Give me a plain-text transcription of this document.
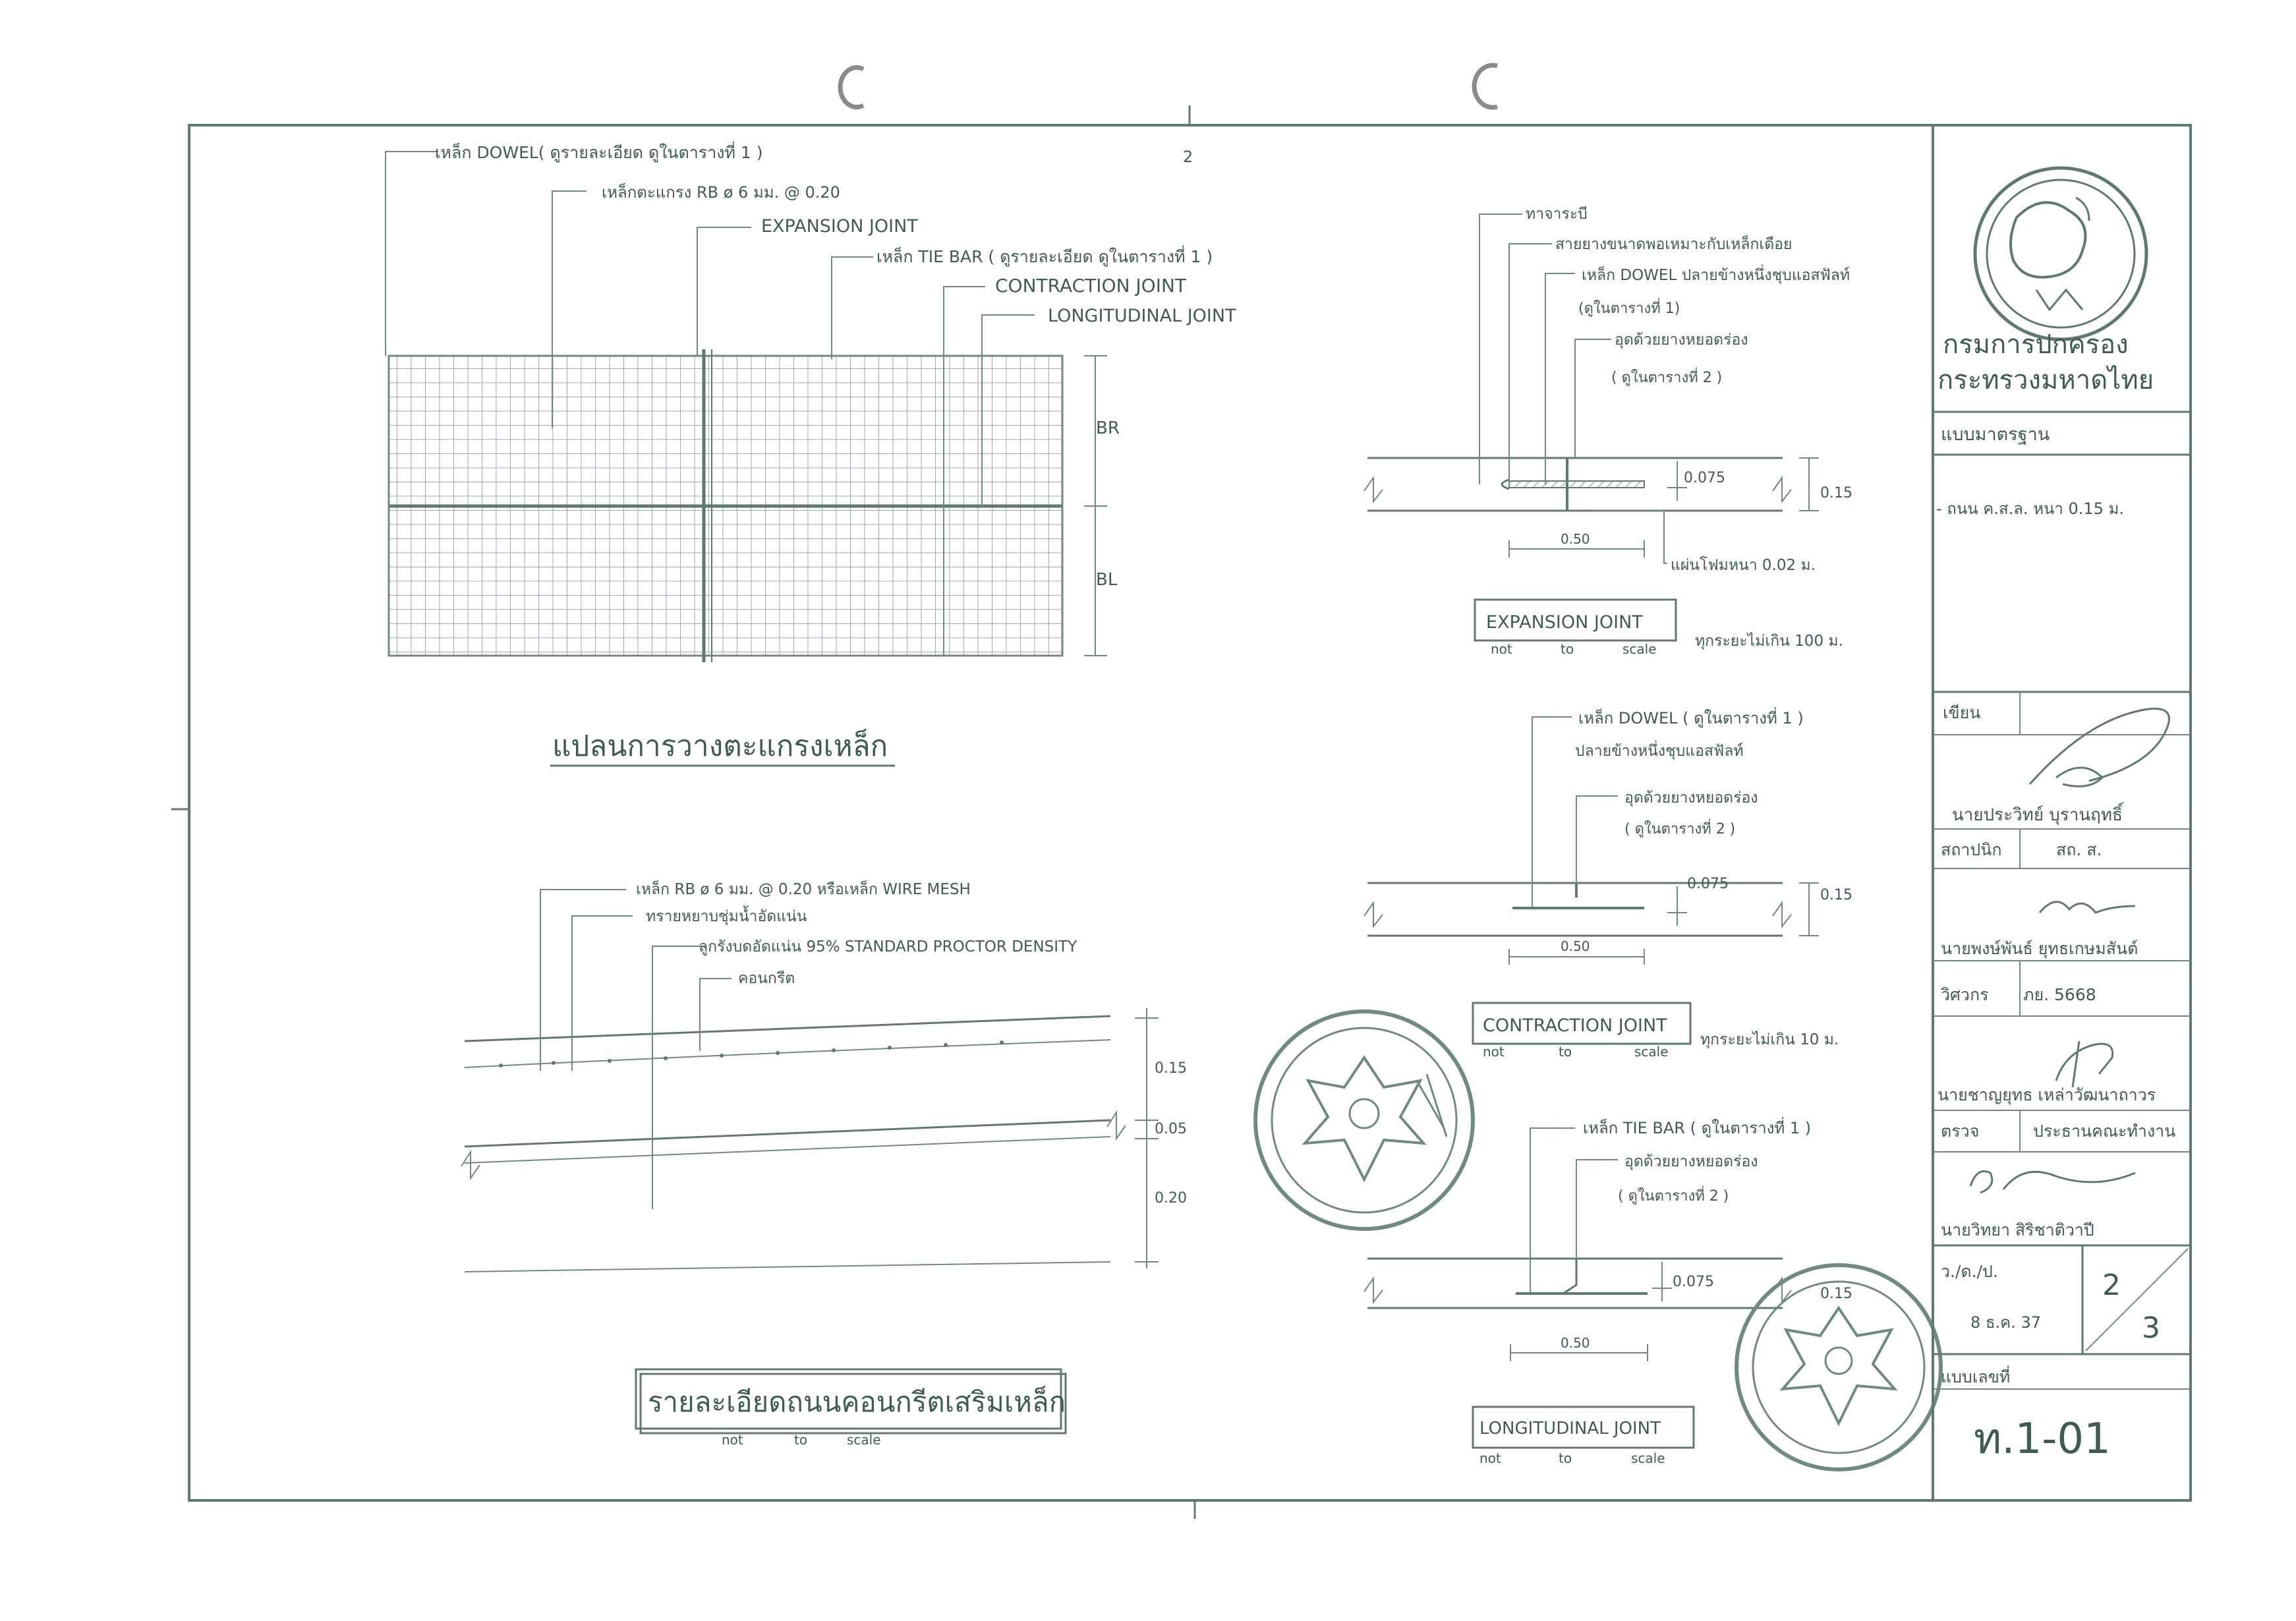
2
BR
BL
เหล็ก DOWEL( ดูรายละเอียด ดูในตารางที่ 1 )
เหล็กตะแกรง RB ø 6 มม. @ 0.20
EXPANSION JOINT
เหล็ก TIE BAR ( ดูรายละเอียด ดูในตารางที่ 1 )
CONTRACTION JOINT
LONGITUDINAL JOINT
แปลนการวางตะแกรงเหล็ก
0.15
0.05
0.20
เหล็ก RB ø 6 มม. @ 0.20 หรือเหล็ก WIRE MESH
ทรายหยาบชุ่มน้ำอัดแน่น
ลูกรังบดอัดแน่น 95% STANDARD PROCTOR DENSITY
คอนกรีต
รายละเอียดถนนคอนกรีตเสริมเหล็ก
not	to	scale
0.075
0.15
0.50
ทาจาระบี
สายยางขนาดพอเหมาะกับเหล็กเดือย
เหล็ก DOWEL ปลายข้างหนึ่งชุบแอสฟัลท์
(ดูในตารางที่ 1)
อุดด้วยยางหยอดร่อง
( ดูในตารางที่ 2 )
แผ่นโฟมหนา 0.02 ม.
EXPANSION JOINT
not	to	scale	ทุกระยะไม่เกิน 100 ม.
0.075
0.15
0.50
เหล็ก DOWEL ( ดูในตารางที่ 1 )
ปลายข้างหนึ่งชุบแอสฟัลท์
อุดด้วยยางหยอดร่อง
( ดูในตารางที่ 2 )
CONTRACTION JOINT
not	to	scale
ทุกระยะไม่เกิน 10 ม.
0.075
0.15
0.50
เหล็ก TIE BAR ( ดูในตารางที่ 1 )
อุดด้วยยางหยอดร่อง
( ดูในตารางที่ 2 )
LONGITUDINAL JOINT
not	to	scale
กรมการปกครอง
กระทรวงมหาดไทย
แบบมาตรฐาน
- ถนน ค.ส.ล. หนา 0.15 ม.
เขียน
นายประวิทย์ บุรานฤทธิ์
สถาปนิก	สถ. ส.
นายพงษ์พันธ์ ยุทธเกษมสันต์
วิศวกร ภย. 5668
นายชาญยุทธ เหล่าวัฒนาถาวร
ตรวจ	ประธานคณะทำงาน
นายวิทยา สิริชาติวาปี
ว./ด./ป.
8 ธ.ค. 37
2
3
แบบเลขที่
ท.1-01
